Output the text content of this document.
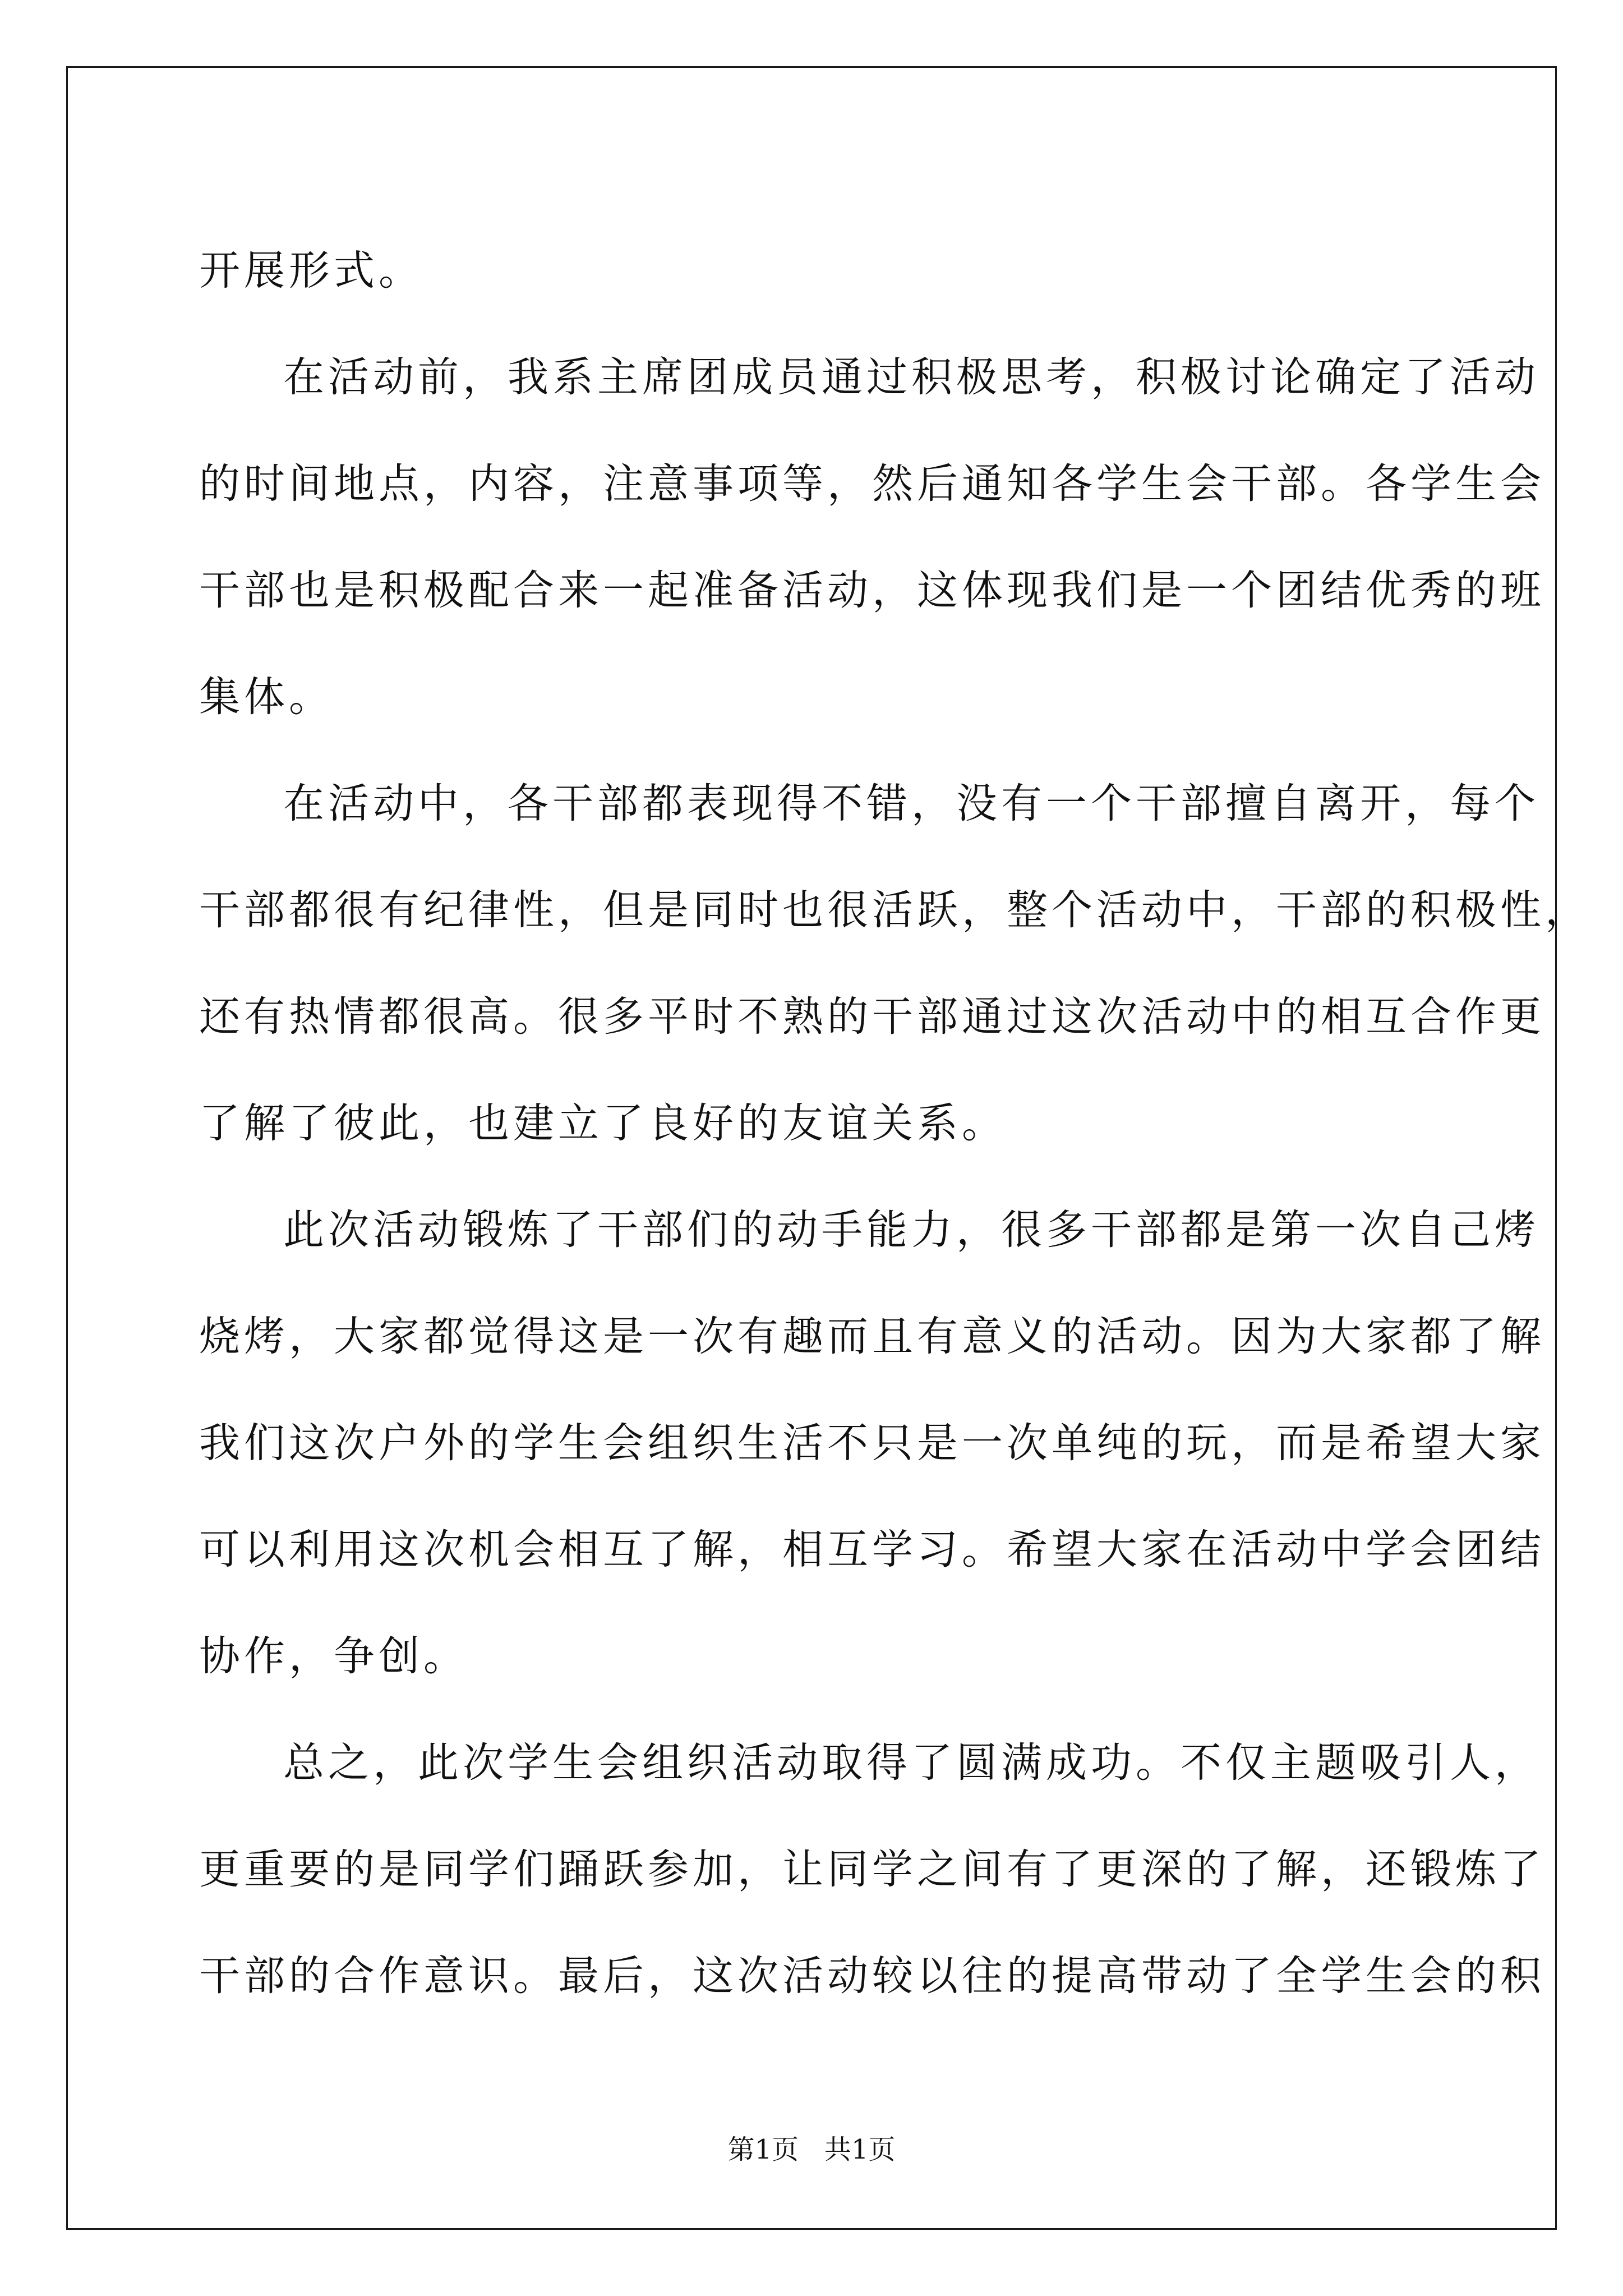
开展形式。
在活动前，我系主席团成员通过积极思考，积极讨论确定了活动
的时间地点，内容，注意事项等，然后通知各学生会干部。各学生会
干部也是积极配合来一起准备活动，这体现我们是一个团结优秀的班
集体。
在活动中，各干部都表现得不错，没有一个干部擅自离开，每个
干部都很有纪律性，但是同时也很活跃，整个活动中，干部的积极性，
还有热情都很高。很多平时不熟的干部通过这次活动中的相互合作更
了解了彼此，也建立了良好的友谊关系。
此次活动锻炼了干部们的动手能力，很多干部都是第一次自己烤
烧烤，大家都觉得这是一次有趣而且有意义的活动。因为大家都了解
我们这次户外的学生会组织生活不只是一次单纯的玩，而是希望大家
可以利用这次机会相互了解，相互学习。希望大家在活动中学会团结
协作，争创。
总之，此次学生会组织活动取得了圆满成功。不仅主题吸引人，
更重要的是同学们踊跃参加，让同学之间有了更深的了解，还锻炼了
干部的合作意识。最后，这次活动较以往的提高带动了全学生会的积
第1页 共1页
